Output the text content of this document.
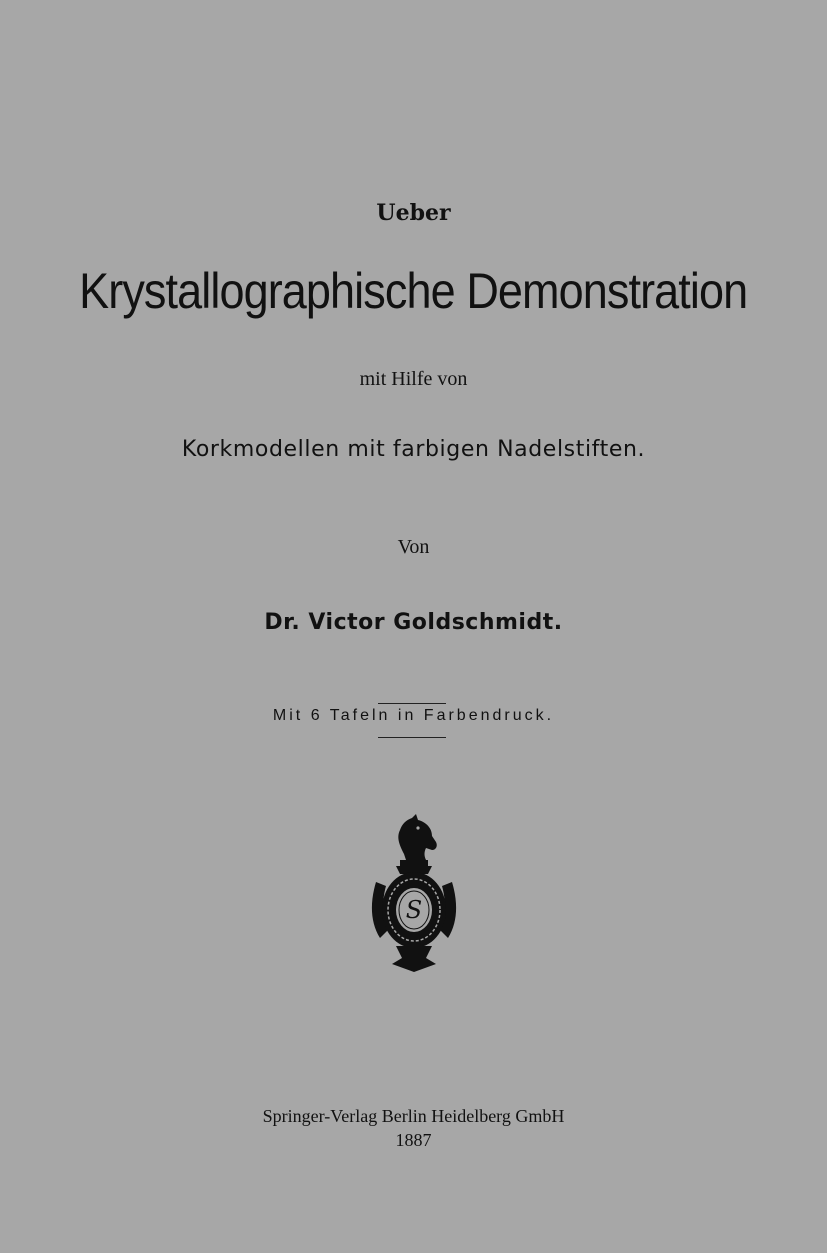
Ueber
Krystallographische Demonstration
mit Hilfe von
Korkmodellen mit farbigen Nadelstiften.
Von
Dr. Victor Goldschmidt.
Mit 6 Tafeln in Farbendruck.
S
Springer-Verlag Berlin Heidelberg GmbH
1887
